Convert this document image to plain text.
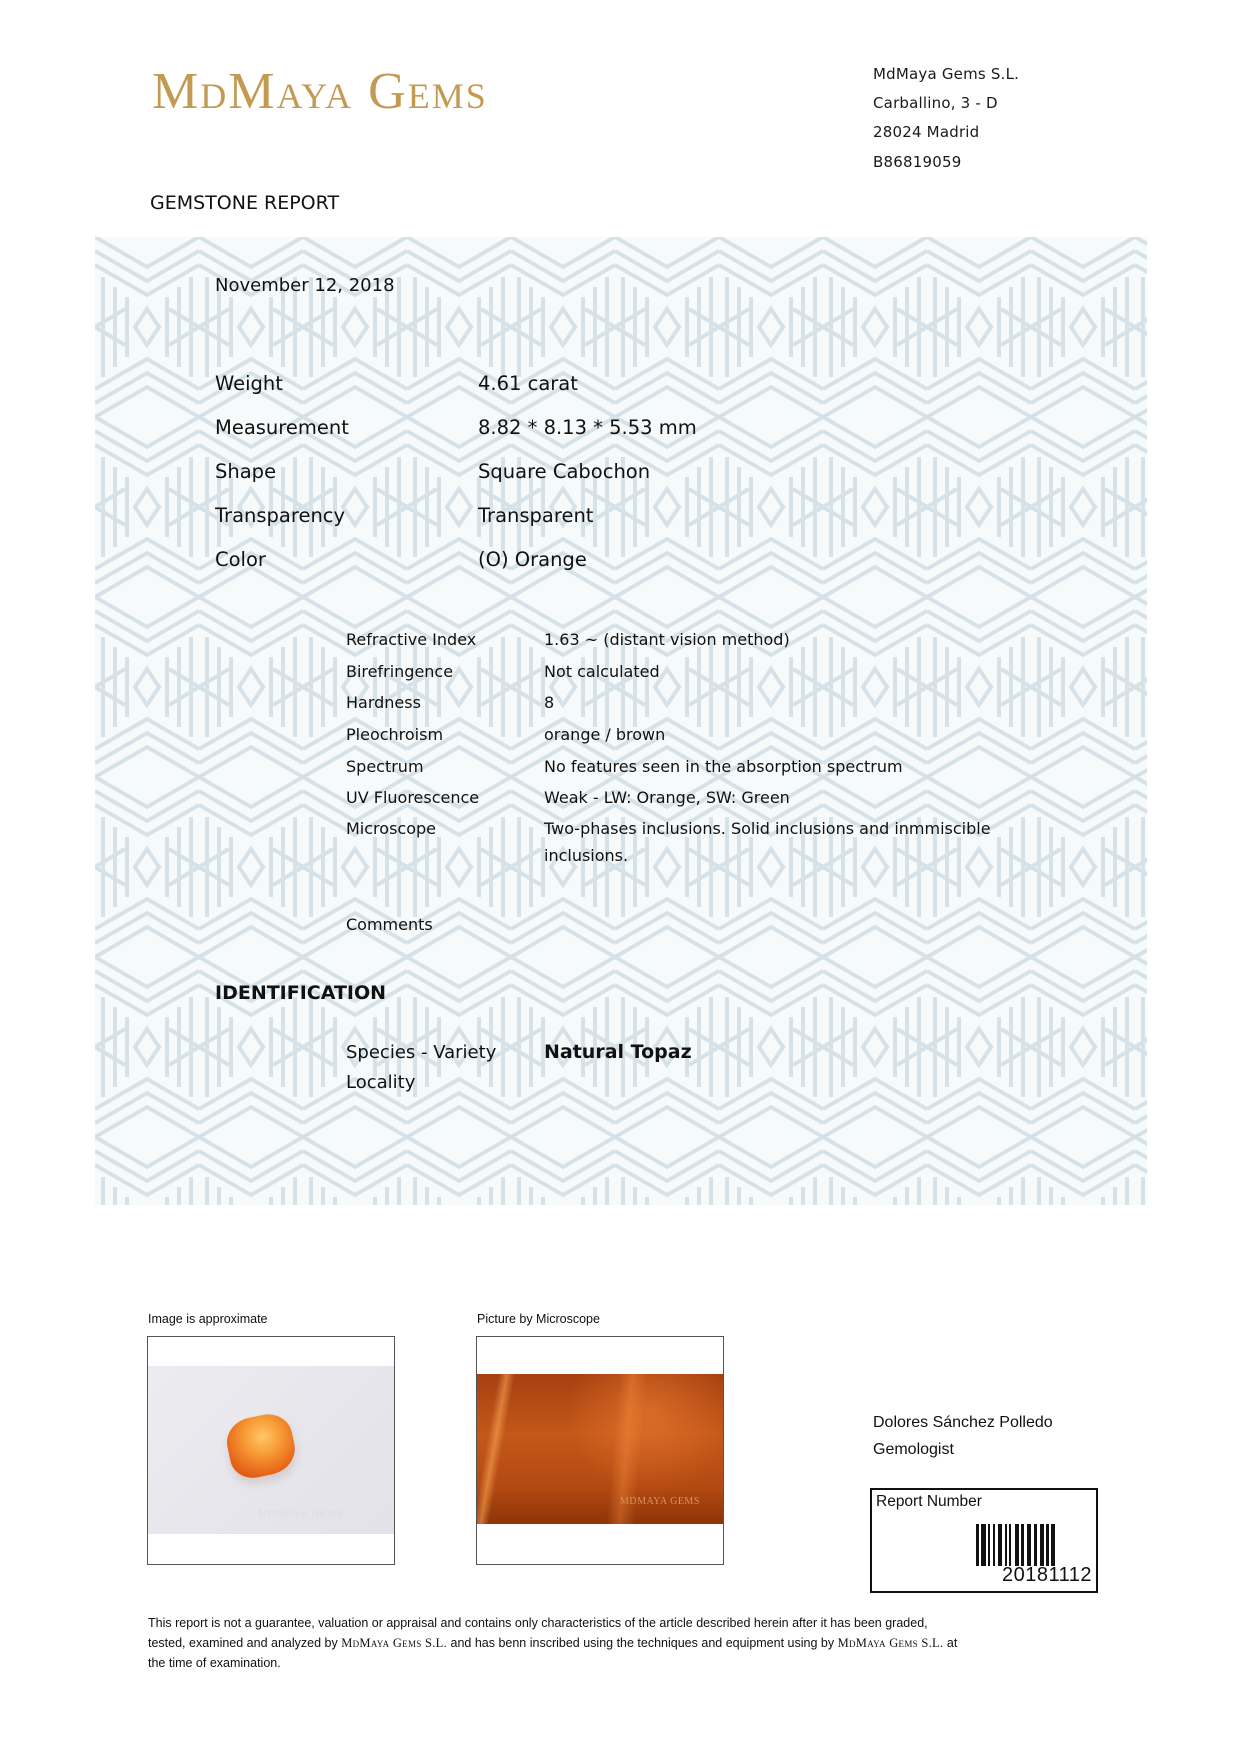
MdMaya Gems	MdMaya Gems S.L.
Carballino, 3 - D
28024 Madrid
B86819059
GEMSTONE REPORT
November 12, 2018
Weight	4.61 carat
Measurement	8.82 * 8.13 * 5.53 mm
Shape	Square Cabochon
Transparency	Transparent
Color	(O) Orange
Refractive Index	1.63 ~ (distant vision method)
Birefringence	Not calculated
Hardness	8
Pleochroism	orange / brown
Spectrum	No features seen in the absorption spectrum
UV Fluorescence	Weak - LW: Orange, SW: Green
Microscope	Two-phases inclusions. Solid inclusions and inmmiscible
inclusions.
Comments
IDENTIFICATION
Species - Variety	Natural Topaz
Locality
Image is approximate
MDMAYA GEMS
Picture by Microscope
MDMAYA GEMS
Dolores Sánchez Polledo
Gemologist
Report Number
20181112
This report is not a guarantee, valuation or appraisal and contains only characteristics of the article described herein after it has been graded,
tested, examined and analyzed by MdMaya Gems S.L. and has benn inscribed using the techniques and equipment using by MdMaya Gems S.L. at
the time of examination.
